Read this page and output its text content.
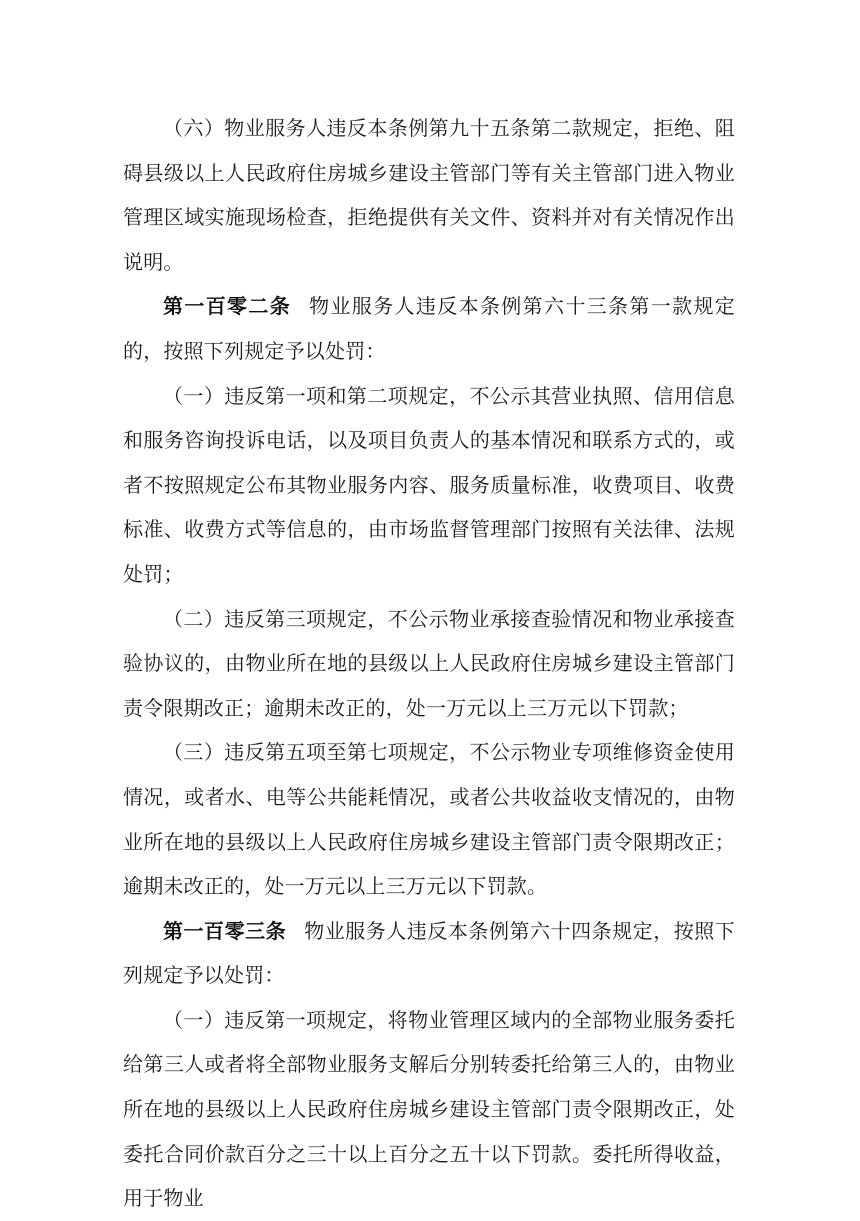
（六）物业服务人违反本条例第九十五条第二款规定，拒绝、阻碍县级以上人民政府住房城乡建设主管部门等有关主管部门进入物业管理区域实施现场检查，拒绝提供有关文件、资料并对有关情况作出说明。

第一百零二条 物业服务人违反本条例第六十三条第一款规定的，按照下列规定予以处罚：

（一）违反第一项和第二项规定，不公示其营业执照、信用信息和服务咨询投诉电话，以及项目负责人的基本情况和联系方式的，或者不按照规定公布其物业服务内容、服务质量标准，收费项目、收费标准、收费方式等信息的，由市场监督管理部门按照有关法律、法规处罚；

（二）违反第三项规定，不公示物业承接查验情况和物业承接查验协议的，由物业所在地的县级以上人民政府住房城乡建设主管部门责令限期改正；逾期未改正的，处一万元以上三万元以下罚款；

（三）违反第五项至第七项规定，不公示物业专项维修资金使用情况，或者水、电等公共能耗情况，或者公共收益收支情况的，由物业所在地的县级以上人民政府住房城乡建设主管部门责令限期改正；逾期未改正的，处一万元以上三万元以下罚款。

第一百零三条 物业服务人违反本条例第六十四条规定，按照下列规定予以处罚：

（一）违反第一项规定，将物业管理区域内的全部物业服务委托给第三人或者将全部物业服务支解后分别转委托给第三人的，由物业所在地的县级以上人民政府住房城乡建设主管部门责令限期改正，处委托合同价款百分之三十以上百分之五十以下罚款。委托所得收益，用于物业
